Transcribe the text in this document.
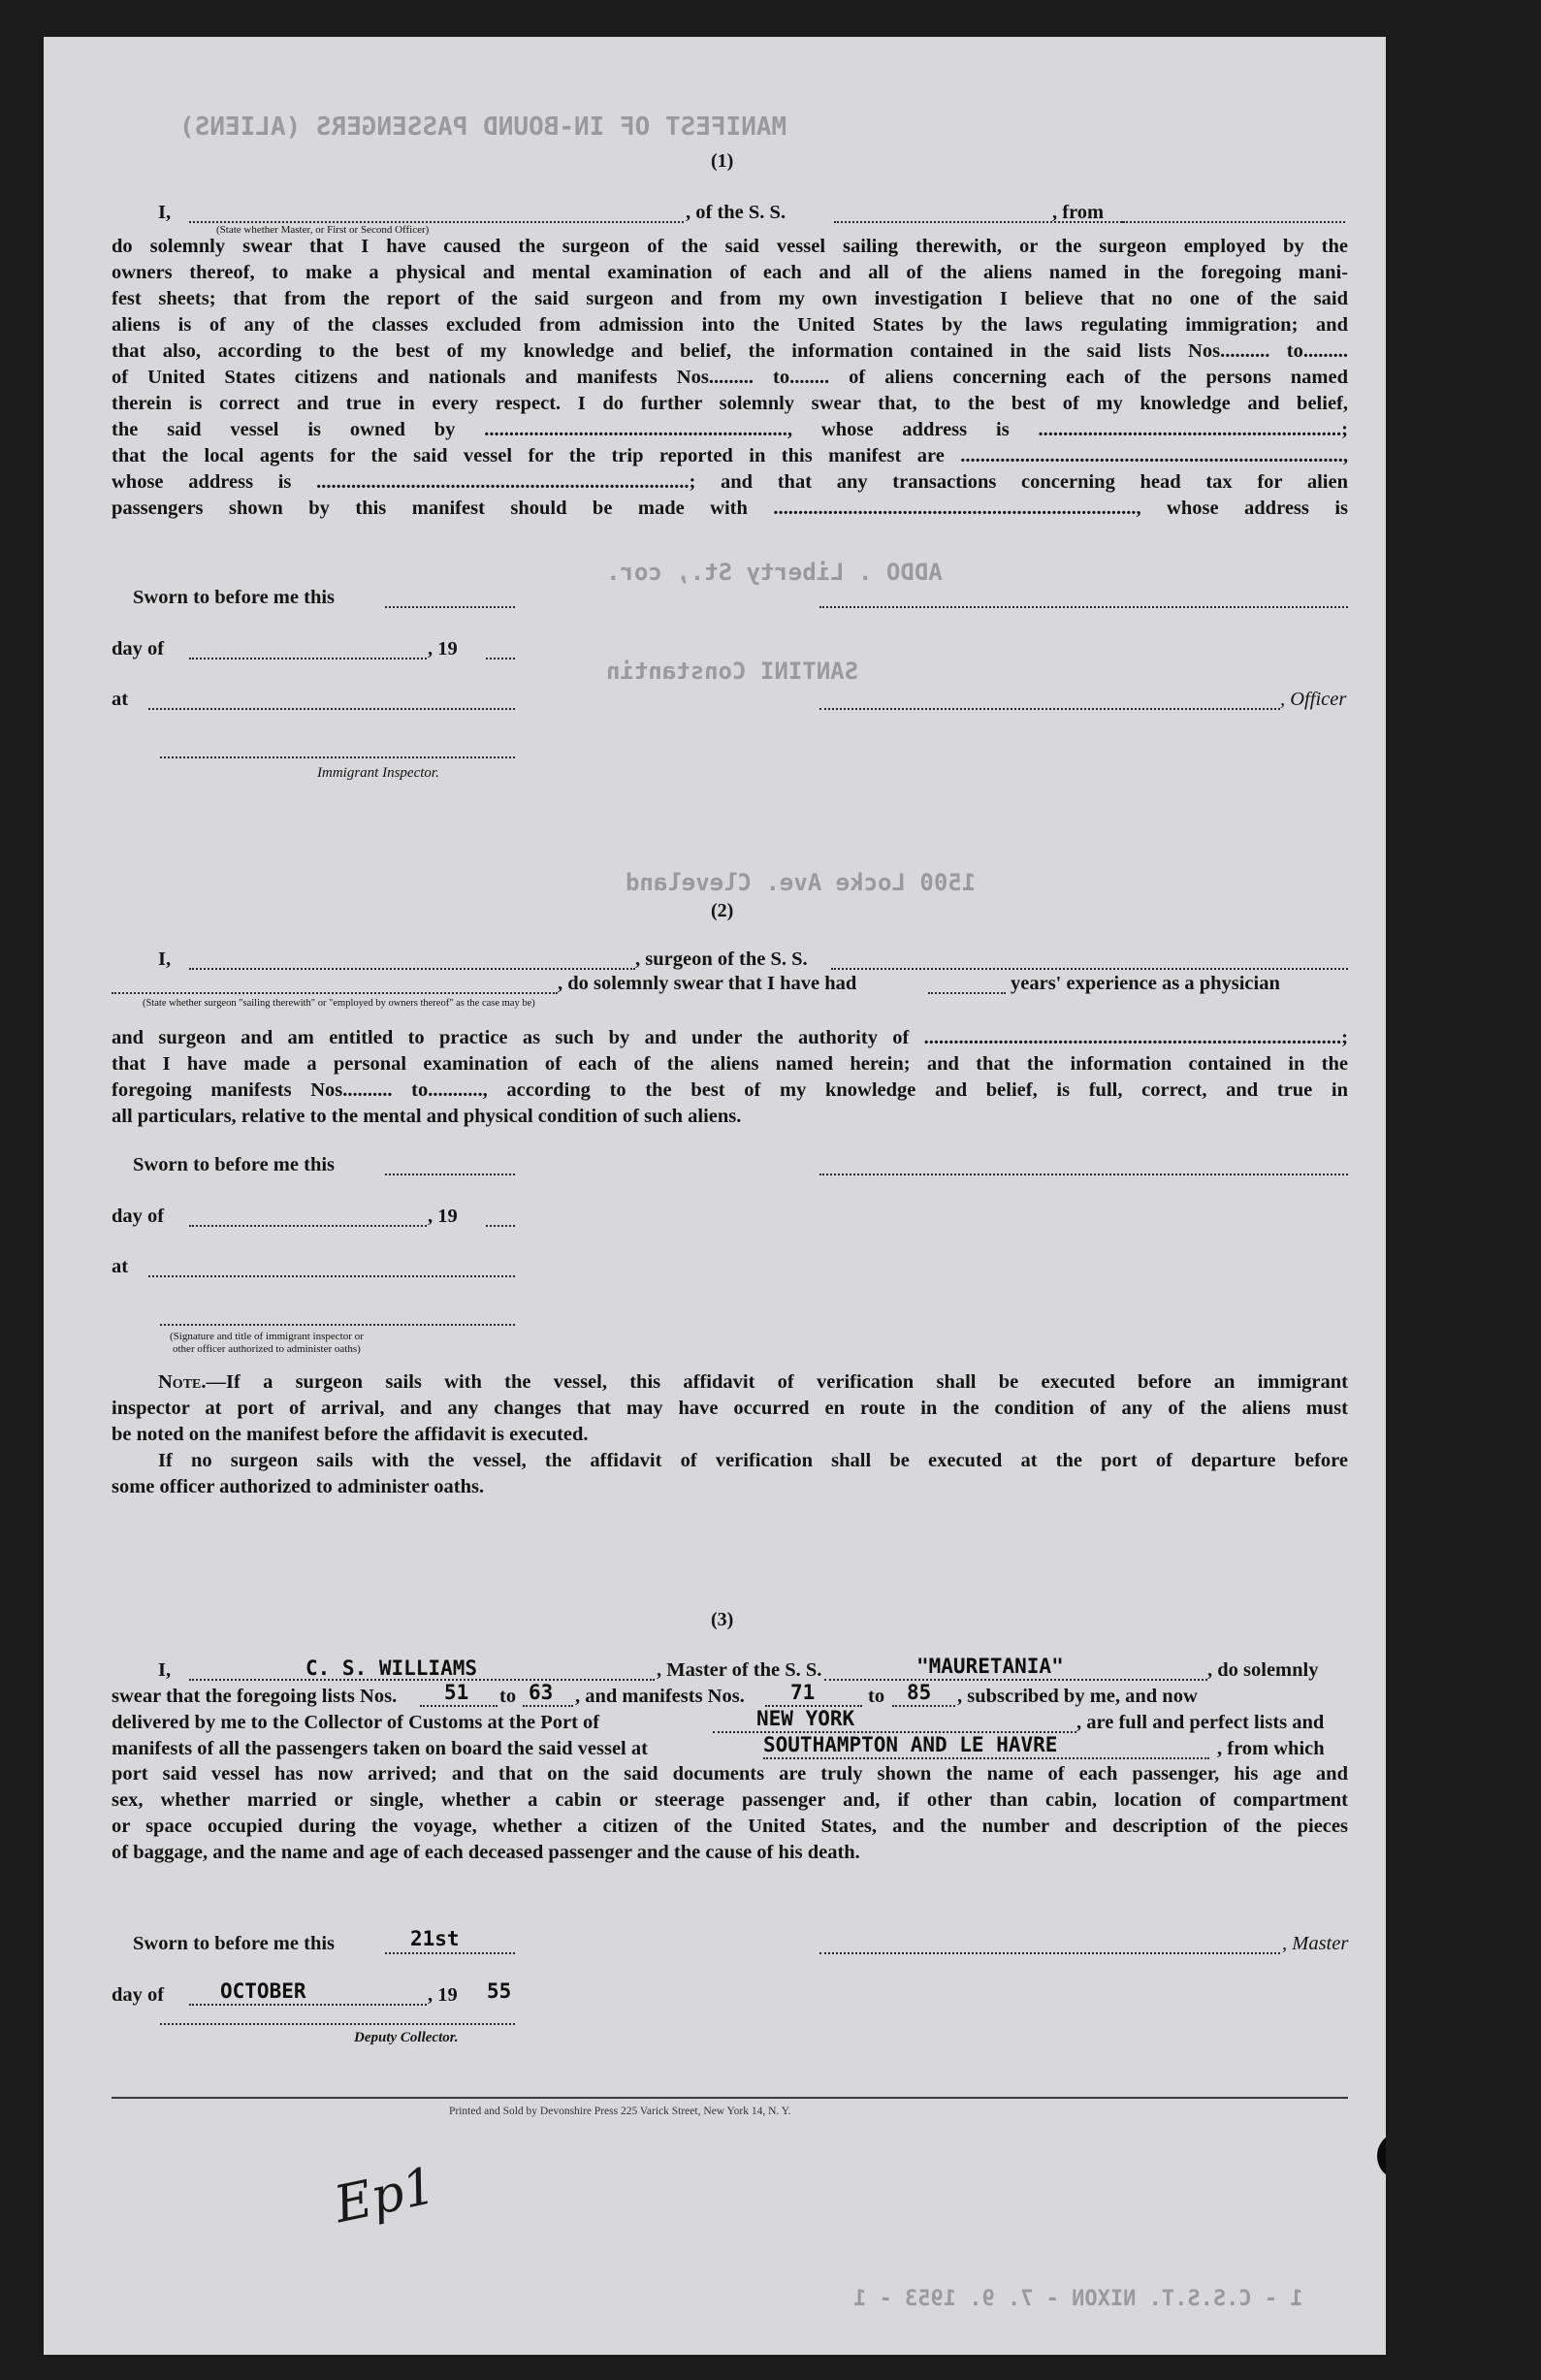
(1)
I,	, of the S. S.	, from
(State whether Master, or First or Second Officer)
do solemnly swear that I have caused the surgeon of the said vessel sailing therewith, or the surgeon employed by the
owners thereof, to make a physical and mental examination of each and all of the aliens named in the foregoing mani-
fest sheets; that from the report of the said surgeon and from my own investigation I believe that no one of the said
aliens is of any of the classes excluded from admission into the United States by the laws regulating immigration; and
that also, according to the best of my knowledge and belief, the information contained in the said lists Nos.......... to.........
of United States citizens and nationals and manifests Nos......... to........ of aliens concerning each of the persons named
therein is correct and true in every respect. I do further solemnly swear that, to the best of my knowledge and belief,
the said vessel is owned by ............................................................., whose address is .............................................................;
that the local agents for the said vessel for the trip reported in this manifest are .............................................................................,
whose address is ...........................................................................; and that any transactions concerning head tax for alien
passengers shown by this manifest should be made with ........................................................................., whose address is
Sworn to before me this
day of	, 19
at	, Officer
Immigrant Inspector.
MANIFEST OF IN-BOUND PASSENGERS (ALIENS)
ADDO . Liberty St., cor.
SANTINI Constantin
1500 Locke Ave. Cleveland
(2)
I,	, surgeon of the S. S.
, do solemnly swear that I have had	years' experience as a physician
(State whether surgeon "sailing therewith" or "employed by owners thereof" as the case may be)
and surgeon and am entitled to practice as such by and under the authority of ....................................................................................;
that I have made a personal examination of each of the aliens named herein; and that the information contained in the
foregoing manifests Nos.......... to..........., according to the best of my knowledge and belief, is full, correct, and true in
all particulars, relative to the mental and physical condition of such aliens.
Sworn to before me this
day of	, 19
at
(Signature and title of immigrant inspector or
other officer authorized to administer oaths)
Note.—If a surgeon sails with the vessel, this affidavit of verification shall be executed before an immigrant
inspector at port of arrival, and any changes that may have occurred en route in the condition of any of the aliens must
be noted on the manifest before the affidavit is executed.
If no surgeon sails with the vessel, the affidavit of verification shall be executed at the port of departure before
some officer authorized to administer oaths.
(3)
I,	C. S. WILLIAMS	, Master of the S. S.	"MAURETANIA"	, do solemnly
swear that the foregoing lists Nos. 51 to 63 , and manifests Nos. 71	to 85 , subscribed by me, and now
delivered by me to the Collector of Customs at the Port of	NEW YORK	, are full and perfect lists and
manifests of all the passengers taken on board the said vessel at	SOUTHAMPTON AND LE HAVRE	, from which
port said vessel has now arrived; and that on the said documents are truly shown the name of each passenger, his age and
sex, whether married or single, whether a cabin or steerage passenger and, if other than cabin, location of compartment
or space occupied during the voyage, whether a citizen of the United States, and the number and description of the pieces
of baggage, and the name and age of each deceased passenger and the cause of his death.
Sworn to before me this	21st	, Master
day of	OCTOBER	, 19 55
Deputy Collector.
Printed and Sold by Devonshire Press 225 Varick Street, New York 14, N. Y.
Ep1
1 - C.S.S.T. NIXON - 7. 9. 1953 - 1
